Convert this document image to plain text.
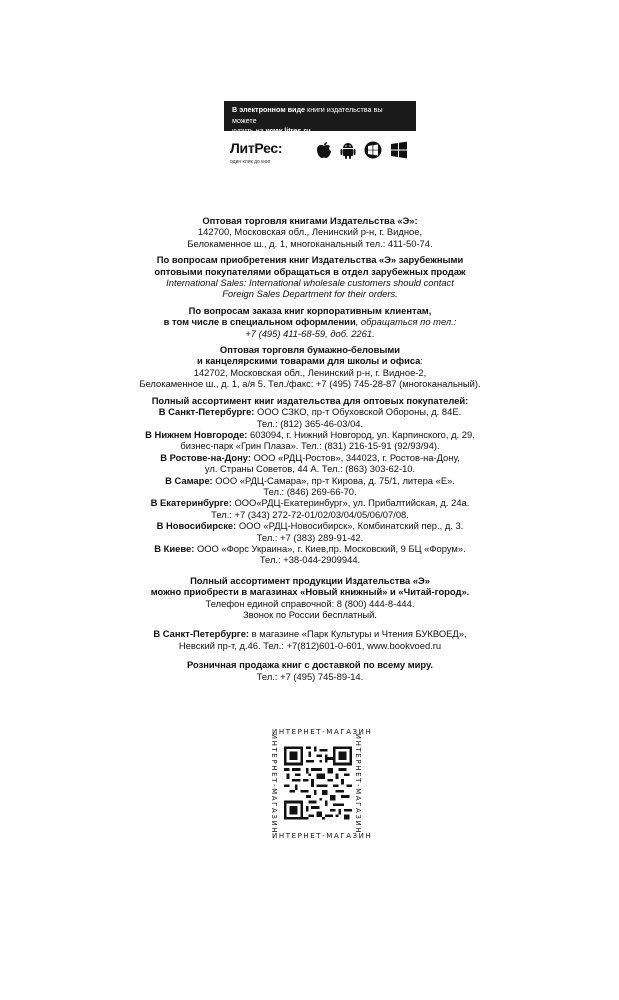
В электронном виде книги издательства вы можете
купить на www.litres.ru
ЛитРес:
один клик до книг

Оптовая торговля книгами Издательства «Э»:

142700, Московская обл., Ленинский р-н, г. Видное,

Белокаменное ш., д. 1, многоканальный тел.: 411-50-74.

По вопросам приобретения книг Издательства «Э» зарубежными

оптовыми покупателями обращаться в отдел зарубежных продаж

International Sales: International wholesale customers should contact

Foreign Sales Department for their orders.

По вопросам заказа книг корпоративным клиентам,

в том числе в специальном оформлении, обращаться по тел.:

+7 (495) 411-68-59, доб. 2261.

Оптовая торговля бумажно-беловыми

и канцелярскими товарами для школы и офиса:

142702, Московская обл., Ленинский р-н, г. Видное-2,

Белокаменное ш., д. 1, а/я 5. Тел./факс: +7 (495) 745-28-87 (многоканальный).

Полный ассортимент книг издательства для оптовых покупателей:

В Санкт-Петербурге: ООО СЗКО, пр-т Обуховской Обороны, д. 84Е.

Тел.: (812) 365-46-03/04.

В Нижнем Новгороде: 603094, г. Нижний Новгород, ул. Карпинского, д. 29,

бизнес-парк «Грин Плаза». Тел.: (831) 216-15-91 (92/93/94).

В Ростове-на-Дону: ООО «РДЦ-Ростов», 344023, г. Ростов-на-Дону,

ул. Страны Советов, 44 А. Тел.: (863) 303-62-10.

В Самаре: ООО «РДЦ-Самара», пр-т Кирова, д. 75/1, литера «Е».

Тел.: (846) 269-66-70.

В Екатеринбурге: ООО«РДЦ-Екатеринбург», ул. Прибалтийская, д. 24а.

Тел.: +7 (343) 272-72-01/02/03/04/05/06/07/08.

В Новосибирске: ООО «РДЦ-Новосибирск», Комбинатский пер., д. 3.

Тел.: +7 (383) 289-91-42.

В Киеве: ООО «Форс Украина», г. Киев,пр. Московский, 9 БЦ «Форум».

Тел.: +38-044-2909944.

Полный ассортимент продукции Издательства «Э»

можно приобрести в магазинах «Новый книжный» и «Читай-город».

Телефон единой справочной: 8 (800) 444-8-444.

Звонок по России бесплатный.

В Санкт-Петербурге: в магазине «Парк Культуры и Чтения БУКВОЕД»,

Невский пр-т, д.46. Тел.: +7(812)601-0-601, www.bookvoed.ru

Розничная продажа книг с доставкой по всему миру.

Тел.: +7 (495) 745-89-14.

ИНТЕРНЕТ-МАГАЗИН
ИНТЕРНЕТ-МАГАЗИН	ИНТЕРНЕТ-МАГАЗИН
ИНТЕРНЕТ-МАГАЗИН
